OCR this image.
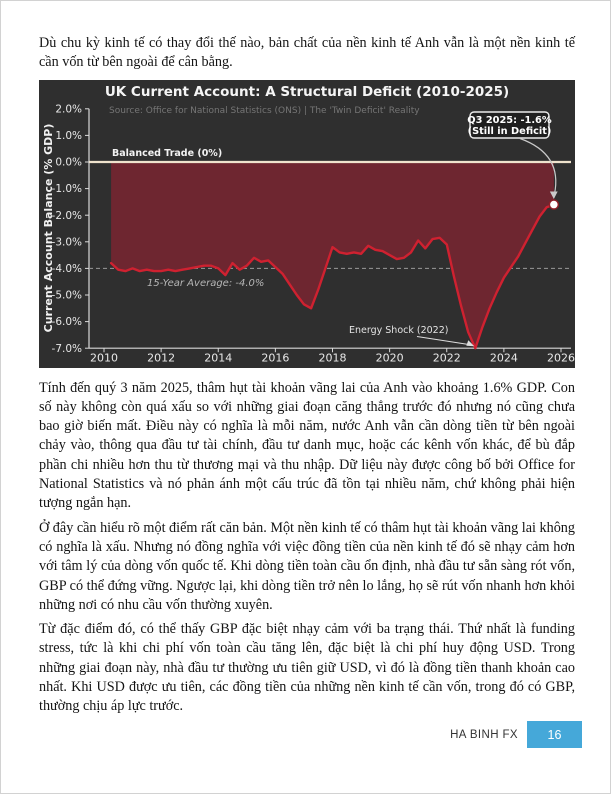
Dù chu kỳ kinh tế có thay đổi thế nào, bản chất của nền kinh tế Anh vẫn là một nền kinh tế cần vốn từ bên ngoài để cân bằng.

2.0%
1.0%
0.0%
-1.0%
-2.0%
-3.0%
-4.0%
-5.0%
-6.0%
-7.0%
2010	2012	2014	2016	2018	2020	2022	2024	2026
Balanced Trade (0%)
15-Year Average: -4.0%
Energy Shock (2022)
Q3 2025: -1.6%
(Still in Deficit)
Current Account Balance (% GDP)
UK Current Account: A Structural Deficit (2010-2025)
Source: Office for National Statistics (ONS) | The 'Twin Deficit' Reality

Tính đến quý 3 năm 2025, thâm hụt tài khoản vãng lai của Anh vào khoảng 1.6% GDP. Con số này không còn quá xấu so với những giai đoạn căng thẳng trước đó nhưng nó cũng chưa bao giờ biến mất. Điều này có nghĩa là mỗi năm, nước Anh vẫn cần dòng tiền từ bên ngoài chảy vào, thông qua đầu tư tài chính, đầu tư danh mục, hoặc các kênh vốn khác, để bù đắp phần chi nhiều hơn thu từ thương mại và thu nhập. Dữ liệu này được công bố bởi Office for National Statistics và nó phản ánh một cấu trúc đã tồn tại nhiều năm, chứ không phải hiện tượng ngắn hạn.

Ở đây cần hiểu rõ một điểm rất căn bản. Một nền kinh tế có thâm hụt tài khoản vãng lai không có nghĩa là xấu. Nhưng nó đồng nghĩa với việc đồng tiền của nền kinh tế đó sẽ nhạy cảm hơn với tâm lý của dòng vốn quốc tế. Khi dòng tiền toàn cầu ổn định, nhà đầu tư sẵn sàng rót vốn, GBP có thể đứng vững. Ngược lại, khi dòng tiền trở nên lo lắng, họ sẽ rút vốn nhanh hơn khỏi những nơi có nhu cầu vốn thường xuyên.

Từ đặc điểm đó, có thể thấy GBP đặc biệt nhạy cảm với ba trạng thái. Thứ nhất là funding stress, tức là khi chi phí vốn toàn cầu tăng lên, đặc biệt là chi phí huy động USD. Trong những giai đoạn này, nhà đầu tư thường ưu tiên giữ USD, vì đó là đồng tiền thanh khoản cao nhất. Khi USD được ưu tiên, các đồng tiền của những nền kinh tế cần vốn, trong đó có GBP, thường chịu áp lực trước.

HA BINH FX	16
